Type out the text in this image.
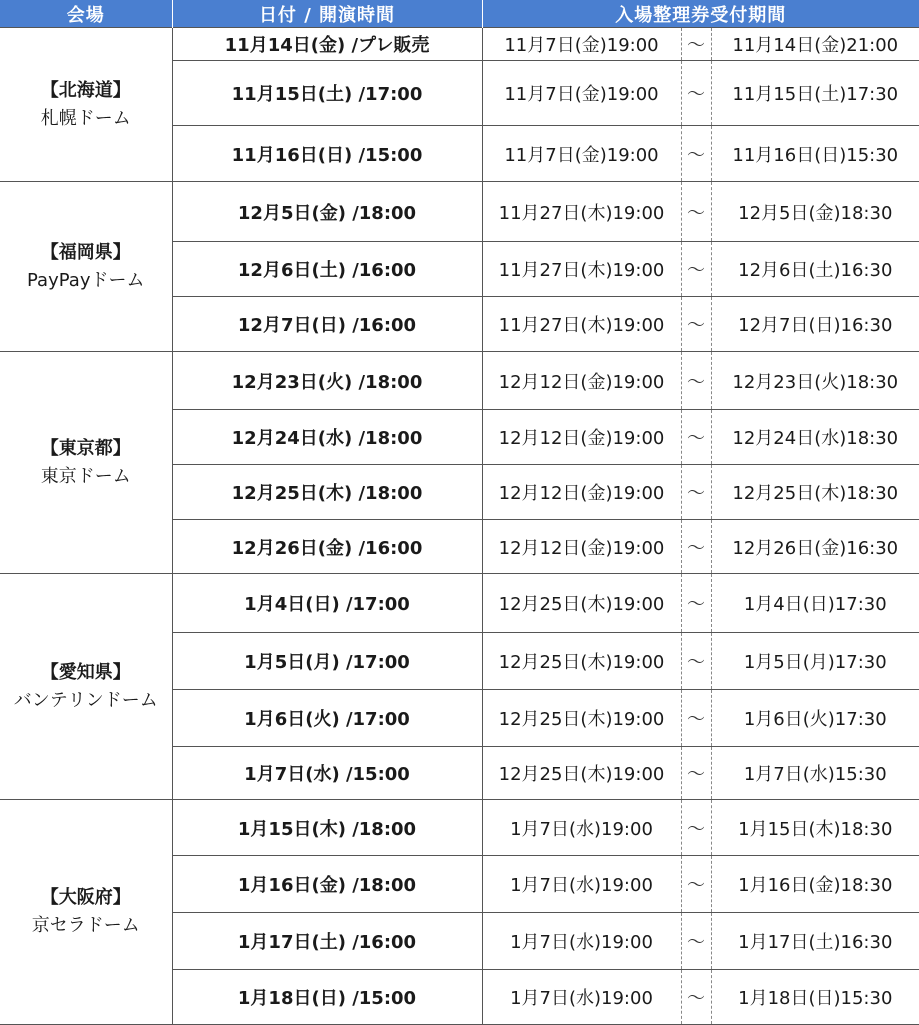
会場	日付 / 開演時間	入場整理券受付期間		

【北海道】
札幌ドーム	11月14日(金) /プレ販売	11月7日(金)19:00	〜	11月14日(金)21:00
	11月15日(土) /17:00	11月7日(金)19:00	〜	11月15日(土)17:30
	11月16日(日) /15:00	11月7日(金)19:00	〜	11月16日(日)15:30

【福岡県】
PayPayドーム	12月5日(金) /18:00	11月27日(木)19:00	〜	12月5日(金)18:30
	12月6日(土) /16:00	11月27日(木)19:00	〜	12月6日(土)16:30
	12月7日(日) /16:00	11月27日(木)19:00	〜	12月7日(日)16:30

【東京都】
東京ドーム	12月23日(火) /18:00	12月12日(金)19:00	〜	12月23日(火)18:30
	12月24日(水) /18:00	12月12日(金)19:00	〜	12月24日(水)18:30
	12月25日(木) /18:00	12月12日(金)19:00	〜	12月25日(木)18:30
	12月26日(金) /16:00	12月12日(金)19:00	〜	12月26日(金)16:30

【愛知県】
バンテリンドーム	1月4日(日) /17:00	12月25日(木)19:00	〜	1月4日(日)17:30
	1月5日(月) /17:00	12月25日(木)19:00	〜	1月5日(月)17:30
	1月6日(火) /17:00	12月25日(木)19:00	〜	1月6日(火)17:30
	1月7日(水) /15:00	12月25日(木)19:00	〜	1月7日(水)15:30

【大阪府】
京セラドーム	1月15日(木) /18:00	1月7日(水)19:00	〜	1月15日(木)18:30
	1月16日(金) /18:00	1月7日(水)19:00	〜	1月16日(金)18:30
	1月17日(土) /16:00	1月7日(水)19:00	〜	1月17日(土)16:30
	1月18日(日) /15:00	1月7日(水)19:00	〜	1月18日(日)15:30
